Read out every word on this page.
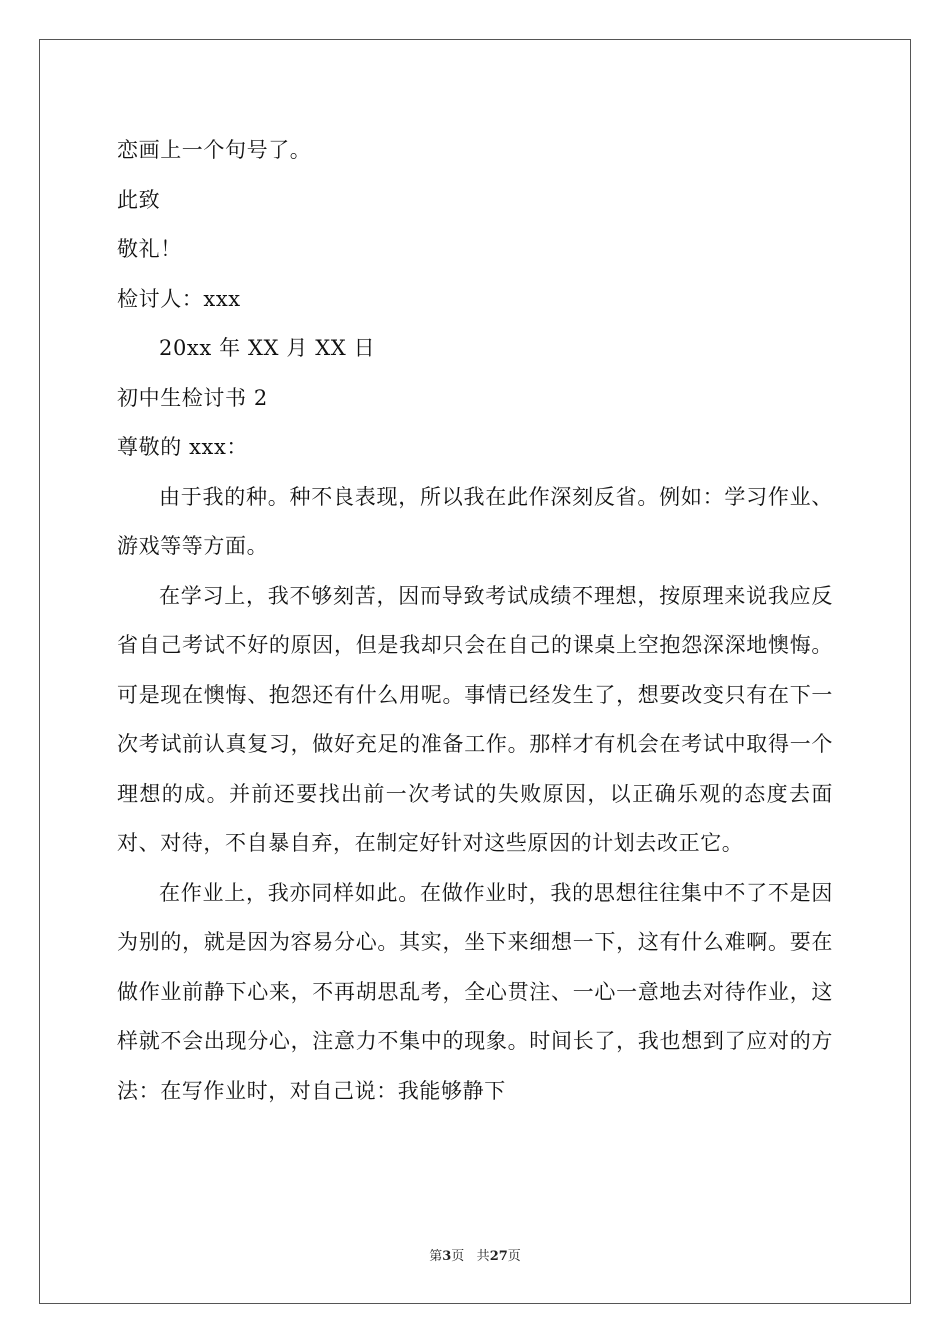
恋画上一个句号了。
此致
敬礼！
检讨人：xxx
20xx 年 XX 月 XX 日
初中生检讨书 2
尊敬的 xxx：

由于我的种。种不良表现，所以我在此作深刻反省。例如：学习作业、游戏等等方面。

在学习上，我不够刻苦，因而导致考试成绩不理想，按原理来说我应反省自己考试不好的原因，但是我却只会在自己的课桌上空抱怨深深地懊悔。可是现在懊悔、抱怨还有什么用呢。事情已经发生了，想要改变只有在下一次考试前认真复习，做好充足的准备工作。那样才有机会在考试中取得一个理想的成。并前还要找出前一次考试的失败原因，以正确乐观的态度去面对、对待，不自暴自弃，在制定好针对这些原因的计划去改正它。

在作业上，我亦同样如此。在做作业时，我的思想往往集中不了不是因为别的，就是因为容易分心。其实，坐下来细想一下，这有什么难啊。要在做作业前静下心来，不再胡思乱考，全心贯注、一心一意地去对待作业，这样就不会出现分心，注意力不集中的现象。时间长了，我也想到了应对的方法：在写作业时，对自己说：我能够静下

第3页 共27页
